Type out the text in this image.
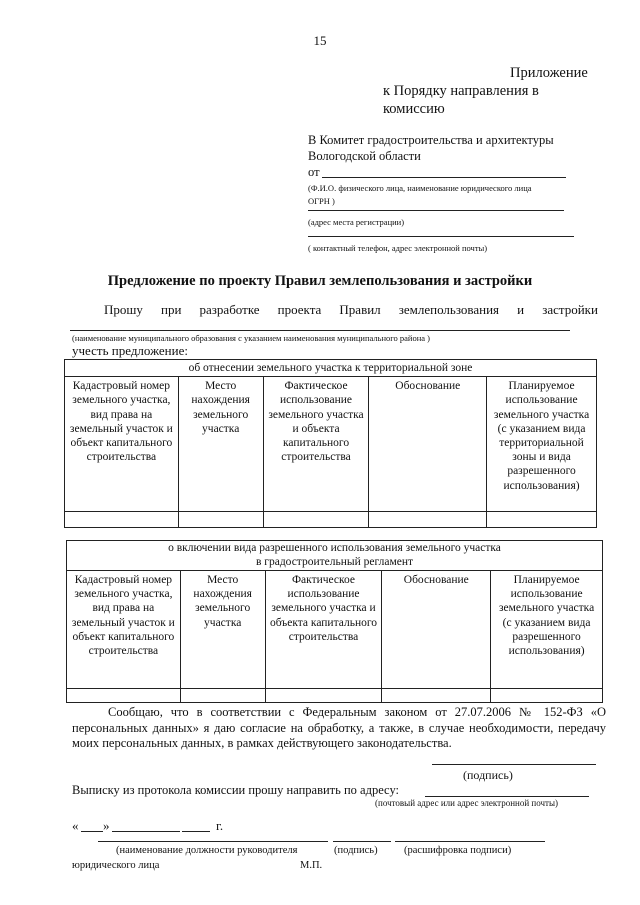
15
Приложение
к Порядку направления в
комиссию
В Комитет градостроительства и архитектуры
Вологодской области
от
(Ф.И.О. физического лица, наименование юридического лица
ОГРН )
(адрес места регистрации)
( контактный телефон, адрес электронной почты)
Предложение по проекту Правил землепользования и застройки
Прошу при разработке проекта Правил землепользования и застройки
(наименование муниципального образования с указанием наименования муниципального района )
учесть предложение:
об отнесении земельного участка к территориальной зоне				
Кадастровый номер земельного участка, вид права на земельный участок и объект капитального строительства	Место нахождения земельного участка	Фактическое использование земельного участка и объекта капитального строительства	Обоснование	Планируемое использование земельного участка (с указанием вида территориальной зоны и вида разрешенного использования)

о включении вида разрешенного использования земельного участка
в градостроительный регламент				

Кадастровый номер земельного участка, вид права на земельный участок и объект капитального строительства	Место нахождения земельного участка	Фактическое использование земельного участка и объекта капитального строительства	Обоснование	Планируемое использование земельного участка (с указанием вида разрешенного использования)

Сообщаю, что в соответствии с Федеральным законом от 27.07.2006 № 152-ФЗ «О персональных данных» я даю согласие на обработку, а также, в случае необходимости, передачу моих персональных данных, в рамках действующего законодательства.
(подпись)
Выписку из протокола комиссии прошу направить по адресу:
(почтовый адрес или адрес электронной почты)
« »	г.
(наименование должности руководителя	(подпись)	(расшифровка подписи)
юридического лица	М.П.
